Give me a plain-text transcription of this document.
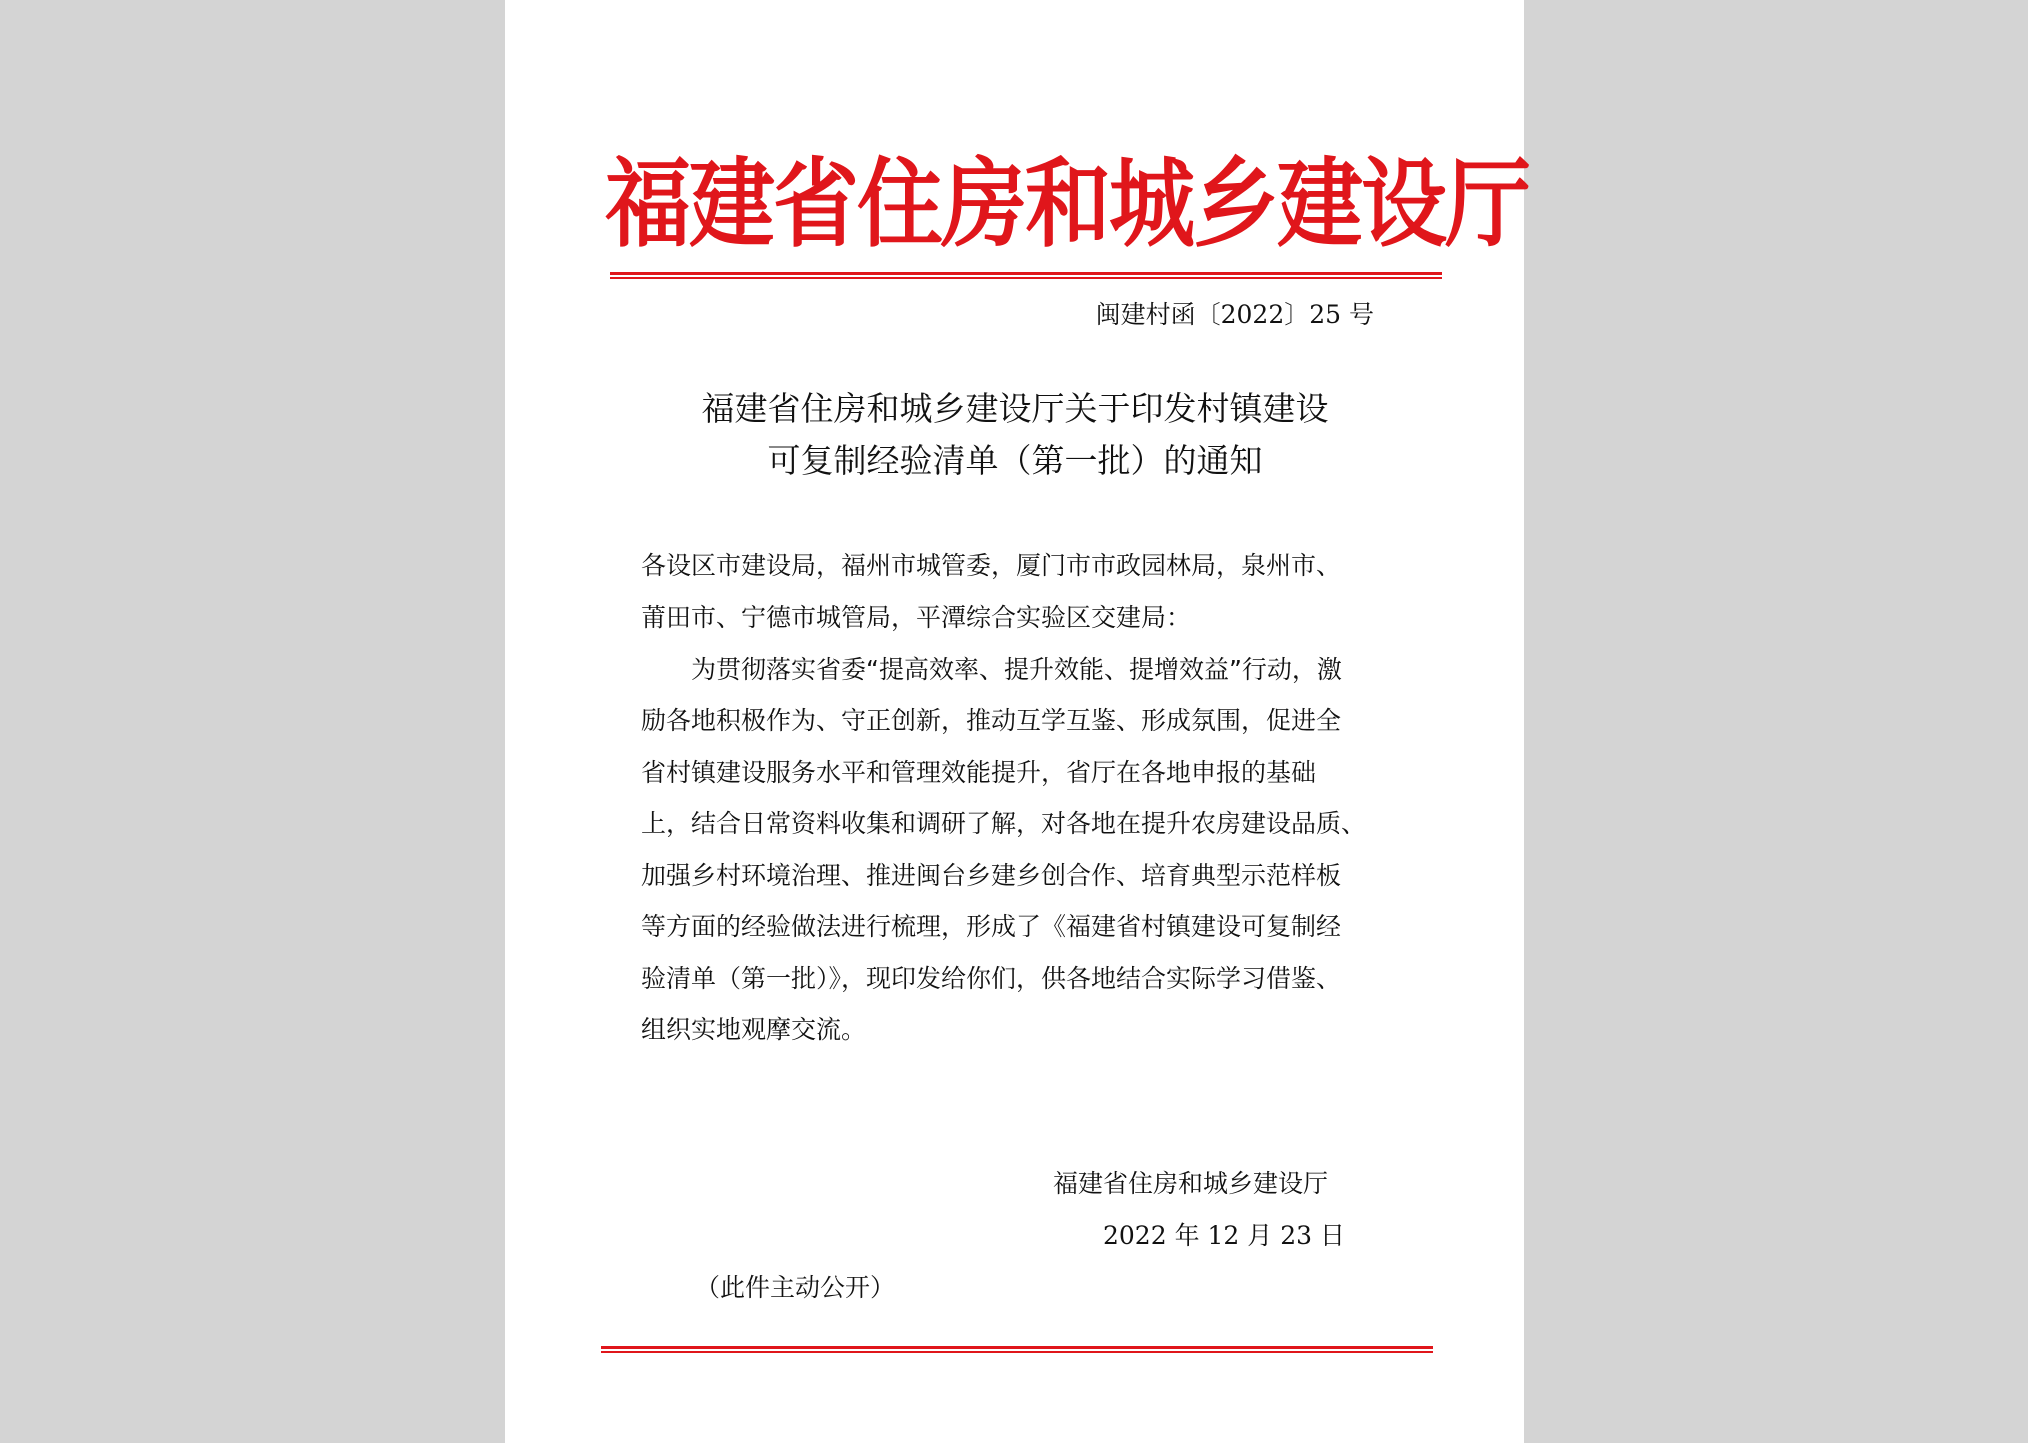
福建省住房和城乡建设厅
闽建村函〔2022〕25 号
福建省住房和城乡建设厅关于印发村镇建设
可复制经验清单（第一批）的通知
各设区市建设局，福州市城管委，厦门市市政园林局，泉州市、
莆田市、宁德市城管局，平潭综合实验区交建局：
　　为贯彻落实省委“提高效率、提升效能、提增效益”行动，激
励各地积极作为、守正创新，推动互学互鉴、形成氛围，促进全
省村镇建设服务水平和管理效能提升，省厅在各地申报的基础
上，结合日常资料收集和调研了解，对各地在提升农房建设品质、
加强乡村环境治理、推进闽台乡建乡创合作、培育典型示范样板
等方面的经验做法进行梳理，形成了《福建省村镇建设可复制经
验清单（第一批）》，现印发给你们，供各地结合实际学习借鉴、
组织实地观摩交流。
福建省住房和城乡建设厅
2022 年 12 月 23 日
（此件主动公开）
